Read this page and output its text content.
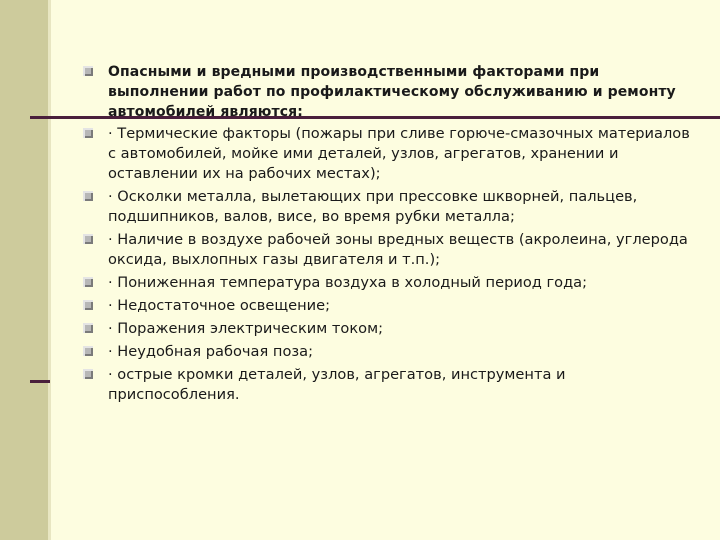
Опасными и вредными производственными факторами при выполнении работ по профилактическому обслуживанию и ремонту автомобилей являются:
· Термические факторы (пожары при сливе горюче-смазочных материалов с автомобилей, мойке ими деталей, узлов, агрегатов, хранении и оставлении их на рабочих местах);
· Осколки металла, вылетающих при прессовке шкворней, пальцев, подшипников, валов, висе, во время рубки металла;
· Наличие в воздухе рабочей зоны вредных веществ (акролеина, углерода оксида, выхлопных газы двигателя и т.п.);
· Пониженная температура воздуха в холодный период года;
· Недостаточное освещение;
· Поражения электрическим током;
· Неудобная рабочая поза;
· острые кромки деталей, узлов, агрегатов, инструмента и приспособления.
